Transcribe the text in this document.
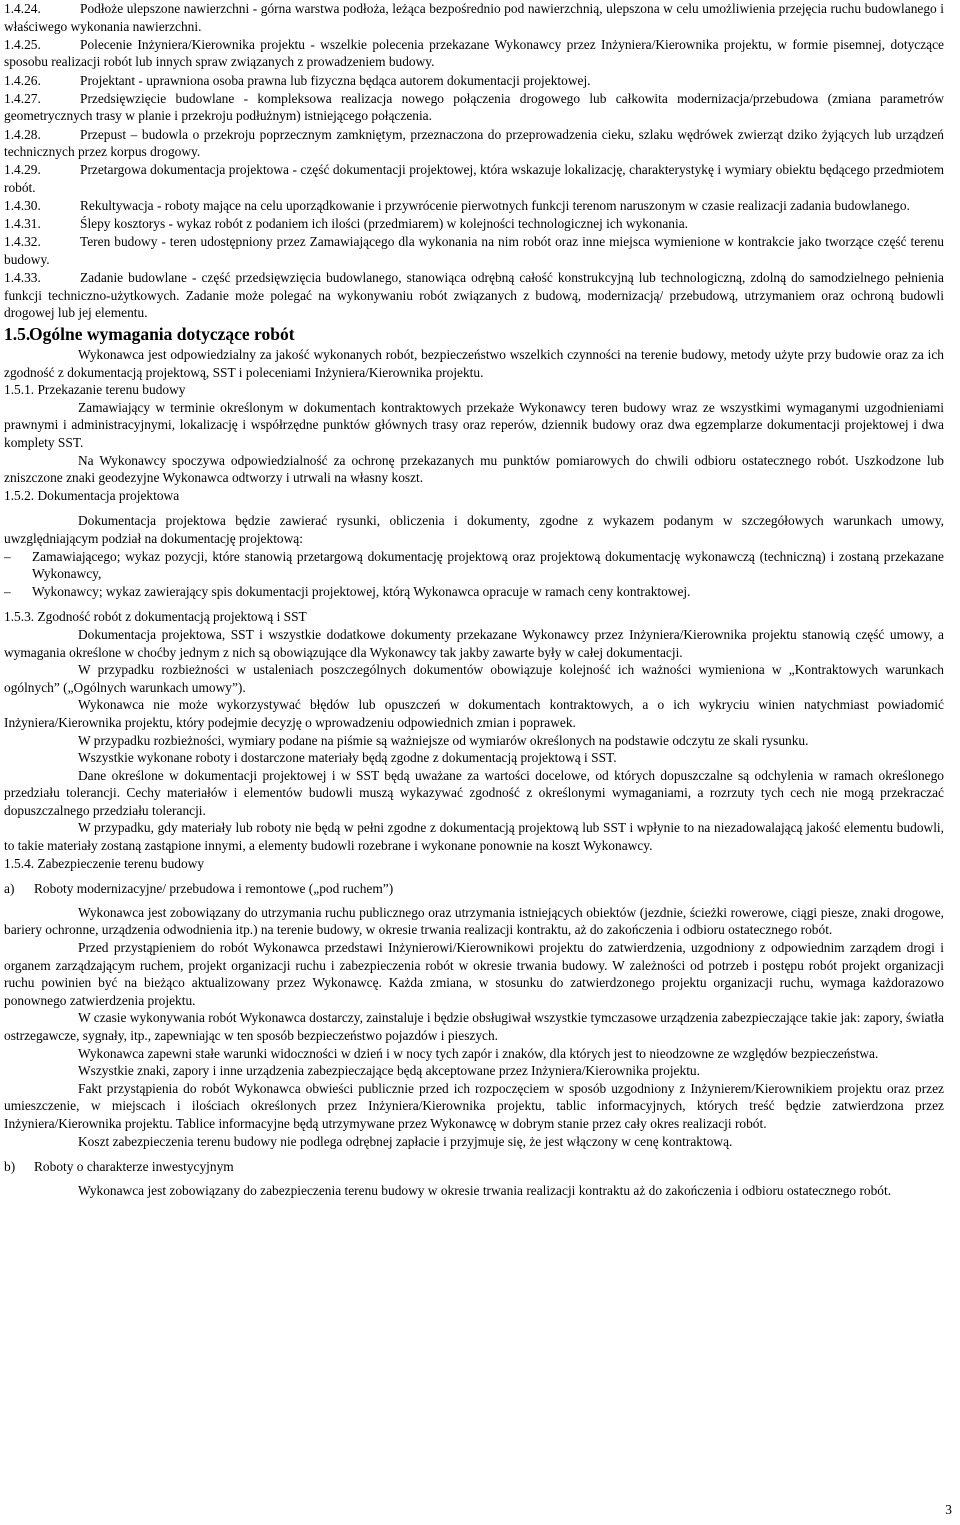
1.4.24.	Podłoże ulepszone nawierzchni - górna warstwa podłoża, leżąca bezpośrednio pod nawierzchnią, ulepszona w celu umożliwienia przejęcia ruchu budowlanego i właściwego wykonania nawierzchni.

1.4.25.	Polecenie Inżyniera/Kierownika projektu - wszelkie polecenia przekazane Wykonawcy przez Inżyniera/Kierownika projektu, w formie pisemnej, dotyczące sposobu realizacji robót lub innych spraw związanych z prowadzeniem budowy.

1.4.26.	Projektant - uprawniona osoba prawna lub fizyczna będąca autorem dokumentacji projektowej.

1.4.27.	Przedsięwzięcie budowlane - kompleksowa realizacja nowego połączenia drogowego lub całkowita modernizacja/przebudowa (zmiana parametrów geometrycznych trasy w planie i przekroju podłużnym) istniejącego połączenia.

1.4.28.	Przepust – budowla o przekroju poprzecznym zamkniętym, przeznaczona do przeprowadzenia cieku, szlaku wędrówek zwierząt dziko żyjących lub urządzeń technicznych przez korpus drogowy.

1.4.29.	Przetargowa dokumentacja projektowa - część dokumentacji projektowej, która wskazuje lokalizację, charakterystykę i wymiary obiektu będącego przedmiotem robót.

1.4.30.	Rekultywacja - roboty mające na celu uporządkowanie i przywrócenie pierwotnych funkcji terenom naruszonym w czasie realizacji zadania budowlanego.

1.4.31.	Ślepy kosztorys - wykaz robót z podaniem ich ilości (przedmiarem) w kolejności technologicznej ich wykonania.

1.4.32.	Teren budowy - teren udostępniony przez Zamawiającego dla wykonania na nim robót oraz inne miejsca wymienione w kontrakcie jako tworzące część terenu budowy.

1.4.33.	Zadanie budowlane - część przedsięwzięcia budowlanego, stanowiąca odrębną całość konstrukcyjną lub technologiczną, zdolną do samodzielnego pełnienia funkcji techniczno-użytkowych. Zadanie może polegać na wykonywaniu robót związanych z budową, modernizacją/ przebudową, utrzymaniem oraz ochroną budowli drogowej lub jej elementu.

1.5.Ogólne wymagania dotyczące robót

Wykonawca jest odpowiedzialny za jakość wykonanych robót, bezpieczeństwo wszelkich czynności na terenie budowy, metody użyte przy budowie oraz za ich zgodność z dokumentacją projektową, SST i poleceniami Inżyniera/Kierownika projektu.

1.5.1. Przekazanie terenu budowy

Zamawiający w terminie określonym w dokumentach kontraktowych przekaże Wykonawcy teren budowy wraz ze wszystkimi wymaganymi uzgodnieniami prawnymi i administracyjnymi, lokalizację i współrzędne punktów głównych trasy oraz reperów, dziennik budowy oraz dwa egzemplarze dokumentacji projektowej i dwa komplety SST.

Na Wykonawcy spoczywa odpowiedzialność za ochronę przekazanych mu punktów pomiarowych do chwili odbioru ostatecznego robót. Uszkodzone lub zniszczone znaki geodezyjne Wykonawca odtworzy i utrwali na własny koszt.

1.5.2. Dokumentacja projektowa

Dokumentacja projektowa będzie zawierać rysunki, obliczenia i dokumenty, zgodne z wykazem podanym w szczegółowych warunkach umowy, uwzględniającym podział na dokumentację projektową:

– Zamawiającego; wykaz pozycji, które stanowią przetargową dokumentację projektową oraz projektową dokumentację wykonawczą (techniczną) i zostaną przekazane Wykonawcy,
– Wykonawcy; wykaz zawierający spis dokumentacji projektowej, którą Wykonawca opracuje w ramach ceny kontraktowej.

1.5.3. Zgodność robót z dokumentacją projektową i SST

Dokumentacja projektowa, SST i wszystkie dodatkowe dokumenty przekazane Wykonawcy przez Inżyniera/Kierownika projektu stanowią część umowy, a wymagania określone w choćby jednym z nich są obowiązujące dla Wykonawcy tak jakby zawarte były w całej dokumentacji.

W przypadku rozbieżności w ustaleniach poszczególnych dokumentów obowiązuje kolejność ich ważności wymieniona w „Kontraktowych warunkach ogólnych” („Ogólnych warunkach umowy”).

Wykonawca nie może wykorzystywać błędów lub opuszczeń w dokumentach kontraktowych, a o ich wykryciu winien natychmiast powiadomić Inżyniera/Kierownika projektu, który podejmie decyzję o wprowadzeniu odpowiednich zmian i poprawek.

W przypadku rozbieżności, wymiary podane na piśmie są ważniejsze od wymiarów określonych na podstawie odczytu ze skali rysunku.

Wszystkie wykonane roboty i dostarczone materiały będą zgodne z dokumentacją projektową i SST.

Dane określone w dokumentacji projektowej i w SST będą uważane za wartości docelowe, od których dopuszczalne są odchylenia w ramach określonego przedziału tolerancji. Cechy materiałów i elementów budowli muszą wykazywać zgodność z określonymi wymaganiami, a rozrzuty tych cech nie mogą przekraczać dopuszczalnego przedziału tolerancji.

W przypadku, gdy materiały lub roboty nie będą w pełni zgodne z dokumentacją projektową lub SST i wpłynie to na niezadowalającą jakość elementu budowli, to takie materiały zostaną zastąpione innymi, a elementy budowli rozebrane i wykonane ponownie na koszt Wykonawcy.

1.5.4. Zabezpieczenie terenu budowy

a) Roboty modernizacyjne/ przebudowa i remontowe („pod ruchem”)

Wykonawca jest zobowiązany do utrzymania ruchu publicznego oraz utrzymania istniejących obiektów (jezdnie, ścieżki rowerowe, ciągi piesze, znaki drogowe, bariery ochronne, urządzenia odwodnienia itp.) na terenie budowy, w okresie trwania realizacji kontraktu, aż do zakończenia i odbioru ostatecznego robót.

Przed przystąpieniem do robót Wykonawca przedstawi Inżynierowi/Kierownikowi projektu do zatwierdzenia, uzgodniony z odpowiednim zarządem drogi i organem zarządzającym ruchem, projekt organizacji ruchu i zabezpieczenia robót w okresie trwania budowy. W zależności od potrzeb i postępu robót projekt organizacji ruchu powinien być na bieżąco aktualizowany przez Wykonawcę. Każda zmiana, w stosunku do zatwierdzonego projektu organizacji ruchu, wymaga każdorazowo ponownego zatwierdzenia projektu.

W czasie wykonywania robót Wykonawca dostarczy, zainstaluje i będzie obsługiwał wszystkie tymczasowe urządzenia zabezpieczające takie jak: zapory, światła ostrzegawcze, sygnały, itp., zapewniając w ten sposób bezpieczeństwo pojazdów i pieszych.

Wykonawca zapewni stałe warunki widoczności w dzień i w nocy tych zapór i znaków, dla których jest to nieodzowne ze względów bezpieczeństwa.

Wszystkie znaki, zapory i inne urządzenia zabezpieczające będą akceptowane przez Inżyniera/Kierownika projektu.

Fakt przystąpienia do robót Wykonawca obwieści publicznie przed ich rozpoczęciem w sposób uzgodniony z Inżynierem/Kierownikiem projektu oraz przez umieszczenie, w miejscach i ilościach określonych przez Inżyniera/Kierownika projektu, tablic informacyjnych, których treść będzie zatwierdzona przez Inżyniera/Kierownika projektu. Tablice informacyjne będą utrzymywane przez Wykonawcę w dobrym stanie przez cały okres realizacji robót.

Koszt zabezpieczenia terenu budowy nie podlega odrębnej zapłacie i przyjmuje się, że jest włączony w cenę kontraktową.

b) Roboty o charakterze inwestycyjnym

Wykonawca jest zobowiązany do zabezpieczenia terenu budowy w okresie trwania realizacji kontraktu aż do zakończenia i odbioru ostatecznego robót.

3
